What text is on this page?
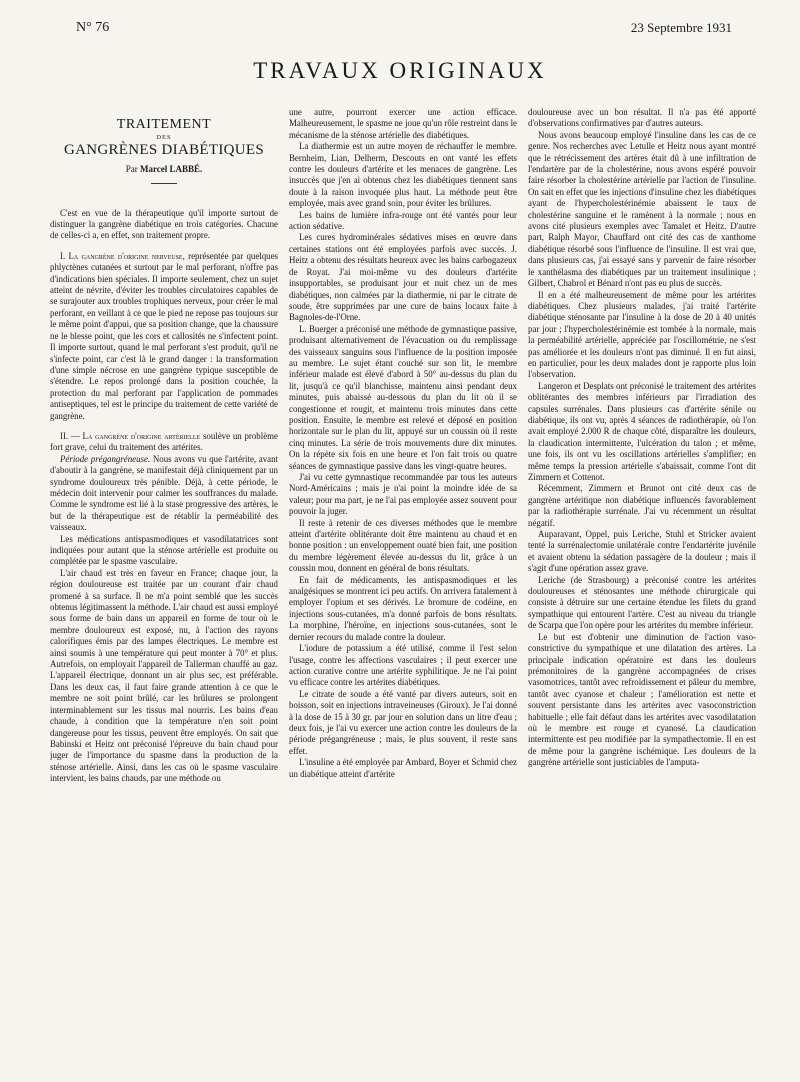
N° 76	23 Septembre 1931
TRAVAUX ORIGINAUX
TRAITEMENT
DES
GANGRÈNES DIABÉTIQUES
Par Marcel LABBÉ.

C'est en vue de la thérapeutique qu'il importe surtout de distinguer la gangrène diabétique en trois catégories. Chacune de celles-ci a, en effet, son traitement propre.

I. La gangrène d'origine nerveuse, représentée par quelques phlyctènes cutanées et surtout par le mal perforant, n'offre pas d'indications bien spéciales. Il importe seulement, chez un sujet atteint de névrite, d'éviter les troubles circulatoires capables de se surajouter aux troubles trophiques nerveux, pour créer le mal perforant, en veillant à ce que le pied ne repose pas toujours sur le même point d'appui, que sa position change, que la chaussure ne le blesse point, que les cors et callosités ne s'infectent point. Il importe surtout, quand le mal perforant s'est produit, qu'il ne s'infecte point, car c'est là le grand danger : la transformation d'une simple nécrose en une gangrène typique susceptible de s'étendre. Le repos prolongé dans la position couchée, la protection du mal perforant par l'application de pommades antiseptiques, tel est le principe du traitement de cette variété de gangrène.

II. — La gangrène d'origine artérielle soulève un problème fort grave, celui du traitement des artérites.

Période prégangréneuse. Nous avons vu que l'artérite, avant d'aboutir à la gangrène, se manifestait déjà cliniquement par un syndrome douloureux très pénible. Déjà, à cette période, le médecin doit intervenir pour calmer les souffrances du malade. Comme le syndrome est lié à la stase progressive des artères, le but de la thérapeutique est de rétablir la perméabilité des vaisseaux.

Les médications antispasmodiques et vasodilatatrices sont indiquées pour autant que la sténose artérielle est produite ou complétée par le spasme vasculaire.

L'air chaud est très en faveur en France; chaque jour, la région douloureuse est traitée par un courant d'air chaud promené à sa surface. Il ne m'a point semblé que les succès obtenus légitimassent la méthode. L'air chaud est aussi employé sous forme de bain dans un appareil en forme de tour où le membre douloureux est exposé, nu, à l'action des rayons calorifiques émis par des lampes électriques. Le membre est ainsi soumis à une température qui peut monter à 70° et plus. Autrefois, on employait l'appareil de Tallerman chauffé au gaz. L'appareil électrique, donnant un air plus sec, est préférable. Dans les deux cas, il faut faire grande attention à ce que le membre ne soit point brûlé, car les brûlures se prolongent interminablement sur les tissus mal nourris. Les bains d'eau chaude, à condition que la température n'en soit point dangereuse pour les tissus, peuvent être employés. On sait que Babinski et Heitz ont préconisé l'épreuve du bain chaud pour juger de l'importance du spasme dans la production de la sténose artérielle. Ainsi, dans les cas où le spasme vasculaire intervient, les bains chauds, par une méthode ou

une autre, pourront exercer une action efficace. Malheureusement, le spasme ne joue qu'un rôle restreint dans le mécanisme de la sténose artérielle des diabétiques.

La diathermie est un autre moyen de réchauffer le membre. Bernheim, Lian, Delherm, Descouts en ont vanté les effets contre les douleurs d'artérite et les menaces de gangrène. Les insuccès que j'en ai obtenus chez les diabétiques tiennent sans doute à la raison invoquée plus haut. La méthode peut être employée, mais avec grand soin, pour éviter les brûlures.

Les bains de lumière infra-rouge ont été vantés pour leur action sédative.

Les cures hydrominérales sédatives mises en œuvre dans certaines stations ont été employées parfois avec succès. J. Heitz a obtenu des résultats heureux avec les bains carbogazeux de Royat. J'ai moi-même vu des douleurs d'artérite insupportables, se produisant jour et nuit chez un de mes diabétiques, non calmées par la diathermie, ni par le citrate de soude, être supprimées par une cure de bains locaux faite à Bagnoles-de-l'Orne.

L. Buerger a préconisé une méthode de gymnastique passive, produisant alternativement de l'évacuation ou du remplissage des vaisseaux sanguins sous l'influence de la position imposée au membre. Le sujet étant couché sur son lit, le membre inférieur malade est élevé d'abord à 50° au-dessus du plan du lit, jusqu'à ce qu'il blanchisse, maintenu ainsi pendant deux minutes, puis abaissé au-dessous du plan du lit où il se congestionne et rougit, et maintenu trois minutes dans cette position. Ensuite, le membre est relevé et déposé en position horizontale sur le plan du lit, appuyé sur un coussin où il reste cinq minutes. La série de trois mouvements dure dix minutes. On la répète six fois en une heure et l'on fait trois ou quatre séances de gymnastique passive dans les vingt-quatre heures.

J'ai vu cette gymnastique recommandée par tous les auteurs Nord-Américains ; mais je n'ai point la moindre idée de sa valeur; pour ma part, je ne l'ai pas employée assez souvent pour pouvoir la juger.

Il reste à retenir de ces diverses méthodes que le membre atteint d'artérite oblitérante doit être maintenu au chaud et en bonne position : un enveloppement ouaté bien fait, une position du membre légèrement élevée au-dessus du lit, grâce à un coussin mou, donnent en général de bons résultats.

En fait de médicaments, les antispasmodiques et les analgésiques se montrent ici peu actifs. On arrivera fatalement à employer l'opium et ses dérivés. Le bromure de codéine, en injections sous-cutanées, m'a donné parfois de bons résultats. La morphine, l'héroïne, en injections sous-cutanées, sont le dernier recours du malade contre la douleur.

L'iodure de potassium a été utilisé, comme il l'est selon l'usage, contre les affections vasculaires ; il peut exercer une action curative contre une artérite syphilitique. Je ne l'ai point vu efficace contre les artérites diabétiques.

Le citrate de soude a été vanté par divers auteurs, soit en boisson, soit en injections intraveineuses (Giroux). Je l'ai donné à la dose de 15 à 30 gr. par jour en solution dans un litre d'eau ; deux fois, je l'ai vu exercer une action contre les douleurs de la période prégangréneuse ; mais, le plus souvent, il reste sans effet.

L'insuline a été employée par Ambard, Boyer et Schmid chez un diabétique atteint d'artérite

douloureuse avec un bon résultat. Il n'a pas été apporté d'observations confirmatives par d'autres auteurs.

Nous avons beaucoup employé l'insuline dans les cas de ce genre. Nos recherches avec Letulle et Heitz nous ayant montré que le rétrécissement des artères était dû à une infiltration de l'endartère par de la cholestérine, nous avons espéré pouvoir faire résorber la cholestérine artérielle par l'action de l'insuline. On sait en effet que les injections d'insuline chez les diabétiques ayant de l'hypercholestérinémie abaissent le taux de cholestérine sanguine et le ramènent à la normale ; nous en avons cité plusieurs exemples avec Tamalet et Heitz. D'autre part, Ralph Mayor, Chauffard ont cité des cas de xanthome diabétique résorbé sous l'influence de l'insuline. Il est vrai que, dans plusieurs cas, j'ai essayé sans y parvenir de faire résorber le xanthélasma des diabétiques par un traitement insulinique ; Gilbert, Chabrol et Bénard n'ont pas eu plus de succès.

Il en a été malheureusement de même pour les artérites diabétiques. Chez plusieurs malades, j'ai traité l'artérite diabétique sténosante par l'insuline à la dose de 20 à 40 unités par jour ; l'hypercholestérinémie est tombée à la normale, mais la perméabilité artérielle, appréciée par l'oscillométrie, ne s'est pas améliorée et les douleurs n'ont pas diminué. Il en fut ainsi, en particulier, pour les deux malades dont je rapporte plus loin l'observation.

Langeron et Desplats ont préconisé le traitement des artérites oblitérantes des membres inférieurs par l'irradiation des capsules surrénales. Dans plusieurs cas d'artérite sénile ou diabétique, ils ont vu, après 4 séances de radiothérapie, où l'on avait employé 2.000 R de chaque côté, disparaître les douleurs, la claudication intermittente, l'ulcération du talon ; et même, une fois, ils ont vu les oscillations artérielles s'amplifier; en même temps la pression artérielle s'abaissait, comme l'ont dit Zimmern et Cottenot.

Récemment, Zimmern et Brunot ont cité deux cas de gangrène artéritique non diabétique influencés favorablement par la radiothérapie surrénale. J'ai vu récemment un résultat négatif.

Auparavant, Oppel, puis Leriche, Stuhl et Stricker avaient tenté la surrénalectomie unilatérale contre l'endartérite juvénile et avaient obtenu la sédation passagère de la douleur ; mais il s'agit d'une opération assez grave.

Leriche (de Strasbourg) a préconisé contre les artérites douloureuses et sténosantes une méthode chirurgicale qui consiste à détruire sur une certaine étendue les filets du grand sympathique qui entourent l'artère. C'est au niveau du triangle de Scarpa que l'on opère pour les artérites du membre inférieur.

Le but est d'obtenir une diminution de l'action vaso-constrictive du sympathique et une dilatation des artères. La principale indication opératoire est dans les douleurs prémonitoires de la gangrène accompagnées de crises vasomotrices, tantôt avec refroidissement et pâleur du membre, tantôt avec cyanose et chaleur ; l'amélioration est nette et souvent persistante dans les artérites avec vasoconstriction habituelle ; elle fait défaut dans les artérites avec vasodilatation où le membre est rouge et cyanosé. La claudication intermittente est peu modifiée par la sympathectomie. Il en est de même pour la gangrène ischémique. Les douleurs de la gangrène artérielle sont justiciables de l'amputa-
